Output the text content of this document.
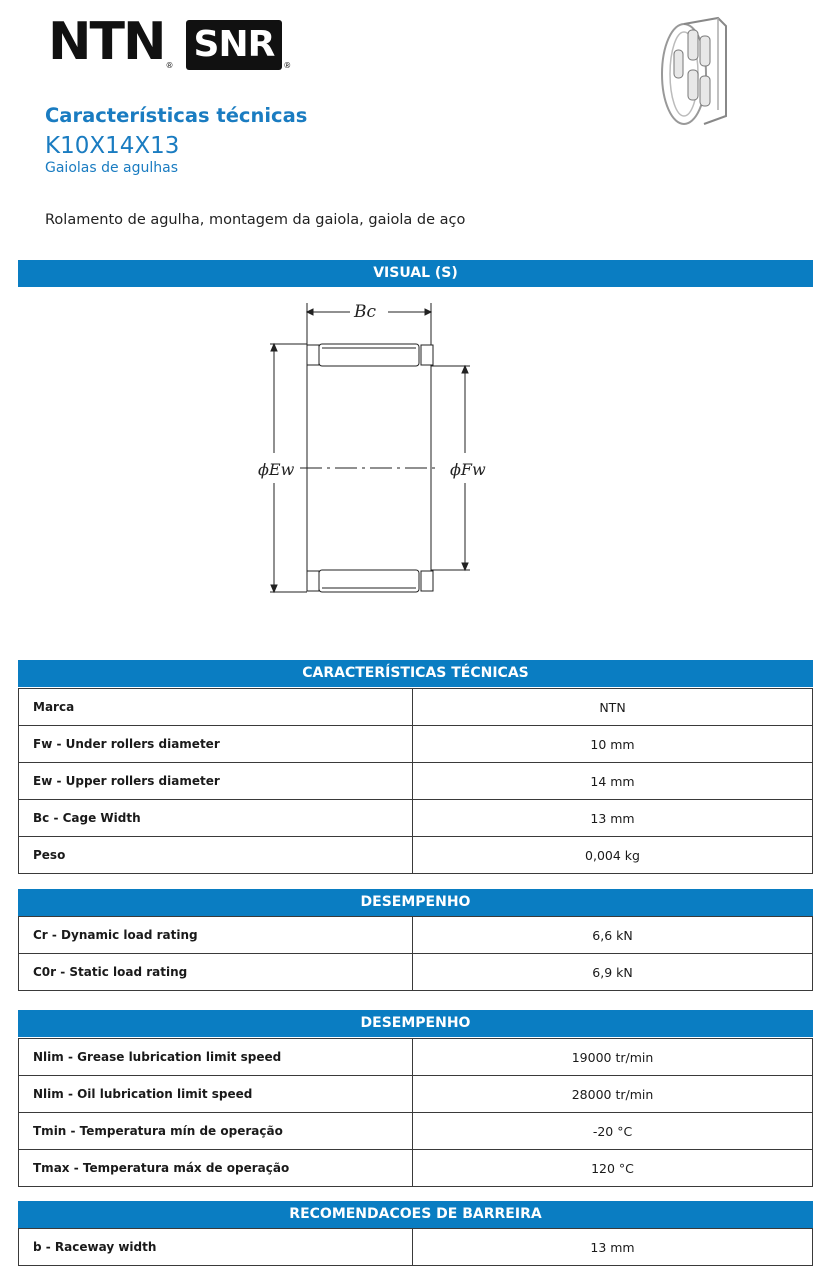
NTN®
SNR
®
Características técnicas
K10X14X13
Gaiolas de agulhas
Rolamento de agulha, montagem da gaiola, gaiola de aço
VISUAL (S)
Bc
ϕEw	ϕFw
CARACTERÍSTICAS TÉCNICAS
Marca	NTN
Fw - Under rollers diameter	10 mm
Ew - Upper rollers diameter	14 mm
Bc - Cage Width	13 mm
Peso	0,004 kg
DESEMPENHO
Cr - Dynamic load rating	6,6 kN
C0r - Static load rating	6,9 kN
DESEMPENHO
Nlim - Grease lubrication limit speed	19000 tr/min
Nlim - Oil lubrication limit speed	28000 tr/min
Tmin - Temperatura mín de operação	-20 °C
Tmax - Temperatura máx de operação	120 °C
RECOMENDACOES DE BARREIRA
b - Raceway width	13 mm
